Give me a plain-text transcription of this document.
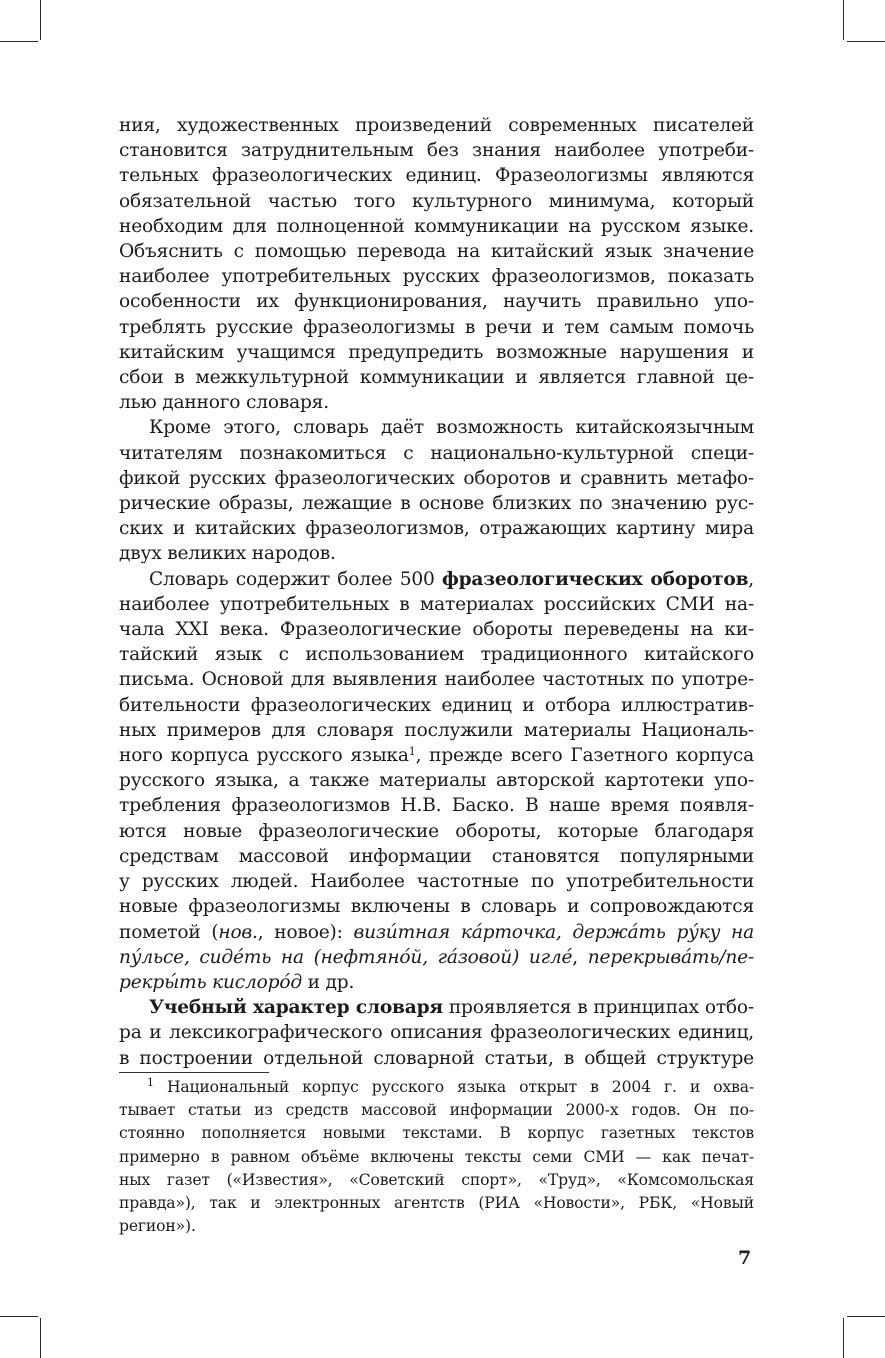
ния, художественных произведений современных писателей
становится затруднительным без знания наиболее употреби-
тельных фразеологических единиц. Фразеологизмы являются
обязательной частью того культурного минимума, который
необходим для полноценной коммуникации на русском языке.
Объяснить с помощью перевода на китайский язык значение
наиболее употребительных русских фразеологизмов, показать
особенности их функционирования, научить правильно упо-
треблять русские фразеологизмы в речи и тем самым помочь
китайским учащимся предупредить возможные нарушения и
сбои в межкультурной коммуникации и является главной це-
лью данного словаря.
Кроме этого, словарь даёт возможность китайскоязычным
читателям познакомиться с национально-культурной специ-
фикой русских фразеологических оборотов и сравнить метафо-
рические образы, лежащие в основе близких по значению рус-
ских и китайских фразеологизмов, отражающих картину мира
двух великих народов.
Словарь содержит более 500 фразеологических оборотов,
наиболее употребительных в материалах российских СМИ на-
чала XXI века. Фразеологические обороты переведены на ки-
тайский язык с использованием традиционного китайского
письма. Основой для выявления наиболее частотных по употре-
бительности фразеологических единиц и отбора иллюстратив-
ных примеров для словаря послужили материалы Националь-
ного корпуса русского языка$^1$, прежде всего Газетного корпуса
русского языка, а также материалы авторской картотеки упо-
требления фразеологизмов Н.В. Баско. В наше время появля-
ются новые фразеологические обороты, которые благодаря
средствам массовой информации становятся популярными
у русских людей. Наиболее частотные по употребительности
новые фразеологизмы включены в словарь и сопровождаются
пометой (нов., новое): визи́тная ка́рточка, держа́ть ру́ку на
пу́льсе, сиде́ть на (нефтяно́й, га́зовой) игле́, перекрыва́ть/пе-
рекры́ть кислоро́д и др.
Учебный характер словаря проявляется в принципах отбо-
ра и лексикографического описания фразеологических единиц,
в построении отдельной словарной статьи, в общей структуре
$^1$ Национальный корпус русского языка открыт в 2004 г. и охва-
тывает статьи из средств массовой информации 2000-х годов. Он по-
стоянно пополняется новыми текстами. В корпус газетных текстов
примерно в равном объёме включены тексты семи СМИ — как печат-
ных газет («Известия», «Советский спорт», «Труд», «Комсомольская
правда»), так и электронных агентств (РИА «Новости», РБК, «Новый
регион»).
7
